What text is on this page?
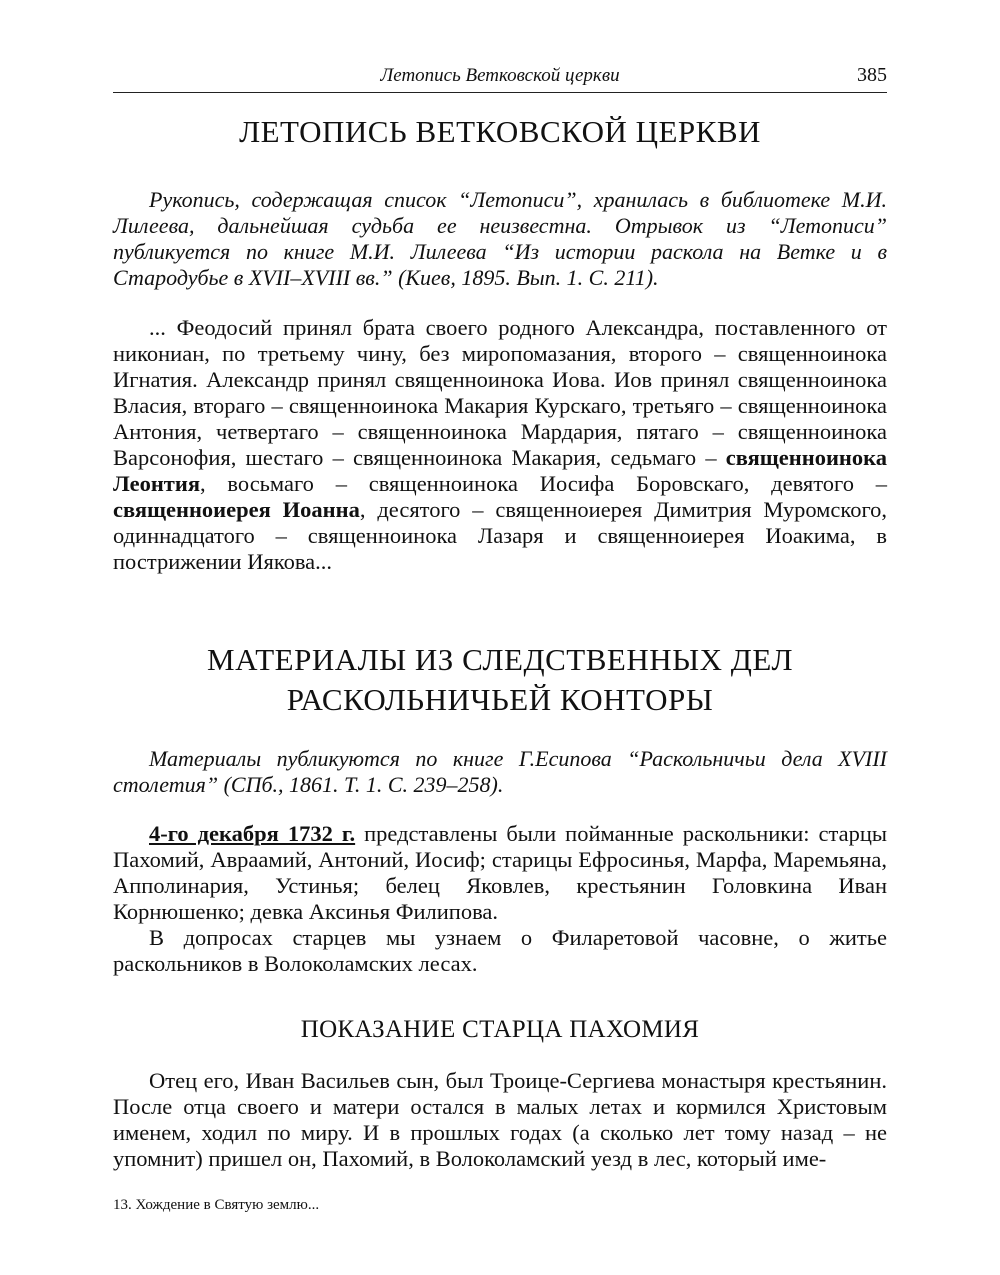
Летопись Ветковской церкви	385
ЛЕТОПИСЬ ВЕТКОВСКОЙ ЦЕРКВИ

Рукопись, содержащая список “Летописи”, хранилась в библиотеке М.И. Лилеева, дальнейшая судьба ее неизвестна. Отрывок из “Летописи” публикуется по книге М.И. Лилеева “Из истории раскола на Ветке и в Стародубье в XVII–XVIII вв.” (Киев, 1895. Вып. 1. С. 211).

... Феодосий принял брата своего родного Александра, поставленного от никониан, по третьему чину, без миропомазания, второго – священноинока Игнатия. Александр принял священноинока Иова. Иов принял священноинока Власия, втораго – священноинока Макария Курскаго, третьяго – священноинока Антония, четвертаго – священноинока Мардария, пятаго – священноинока Варсонофия, шестаго – священноинока Макария, седьмаго – священноинока Леонтия, восьмаго – священноинока Иосифа Боровскаго, девятого – священноиерея Иоанна, десятого – священноиерея Димитрия Муромского, одиннадцатого – священноинока Лазаря и священноиерея Иоакима, в пострижении Иякова...

МАТЕРИАЛЫ ИЗ СЛЕДСТВЕННЫХ ДЕЛ
РАСКОЛЬНИЧЬЕЙ КОНТОРЫ

Материалы публикуются по книге Г.Есипова “Раскольничьи дела XVIII столетия” (СПб., 1861. Т. 1. С. 239–258).

4-го декабря 1732 г. представлены были пойманные раскольники: старцы Пахомий, Авраамий, Антоний, Иосиф; старицы Ефросинья, Марфа, Маремьяна, Апполинария, Устинья; белец Яковлев, крестьянин Головкина Иван Корнюшенко; девка Аксинья Филипова.

В допросах старцев мы узнаем о Филаретовой часовне, о житье раскольников в Волоколамских лесах.

ПОКАЗАНИЕ СТАРЦА ПАХОМИЯ

Отец его, Иван Васильев сын, был Троице-Сергиева монастыря крестьянин. После отца своего и матери остался в малых летах и кормился Христовым именем, ходил по миру. И в прошлых годах (а сколько лет тому назад – не упомнит) пришел он, Пахомий, в Волоколамский уезд в лес, который име-

13. Хождение в Святую землю...
